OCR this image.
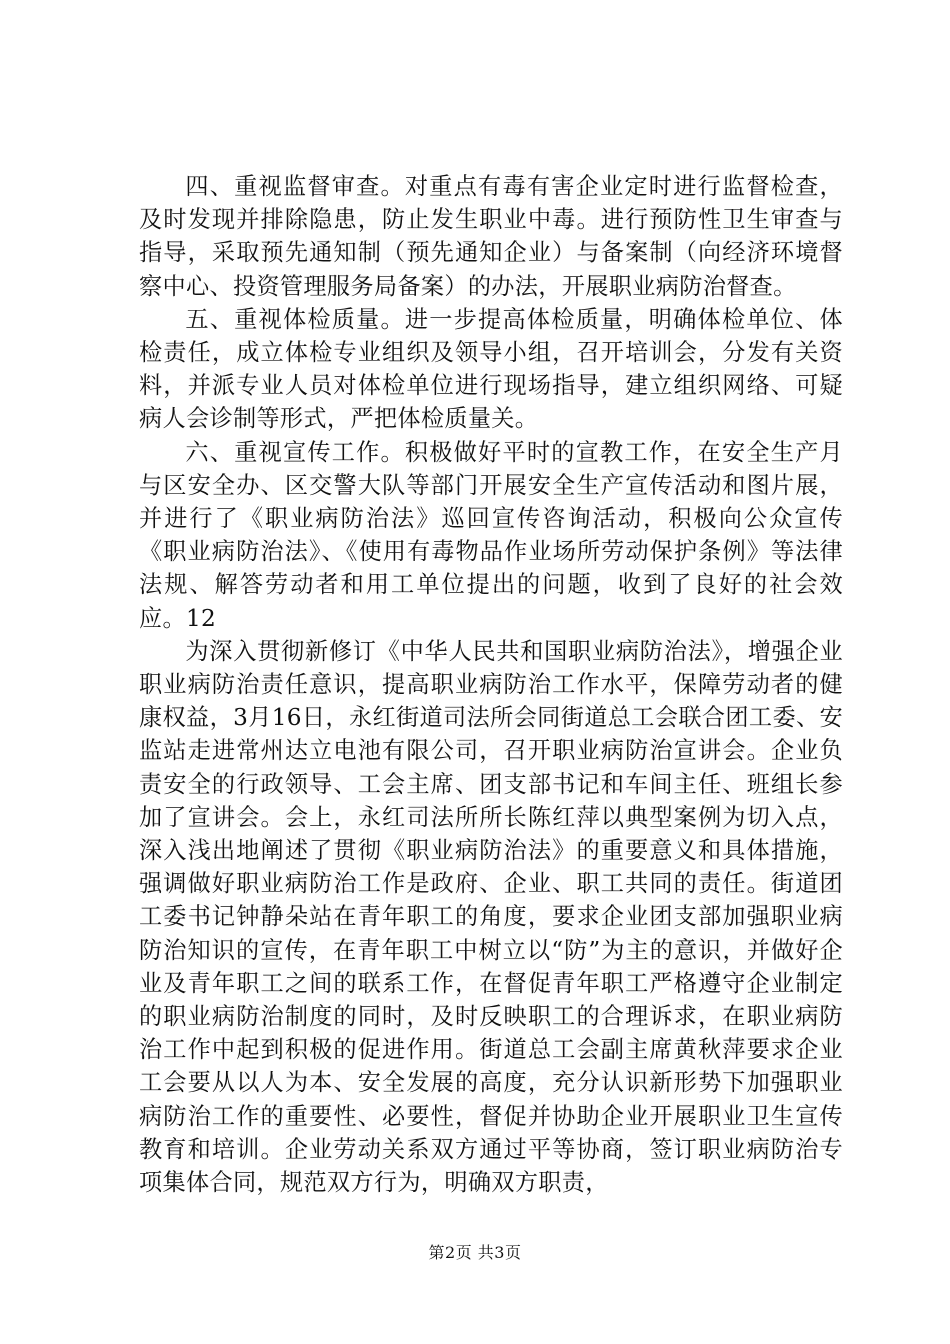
四、重视监督审查。对重点有毒有害企业定时进行监督检查，及时发现并排除隐患，防止发生职业中毒。进行预防性卫生审查与指导，采取预先通知制（预先通知企业）与备案制（向经济环境督察中心、投资管理服务局备案）的办法，开展职业病防治督查。

五、重视体检质量。进一步提高体检质量，明确体检单位、体检责任，成立体检专业组织及领导小组，召开培训会，分发有关资料，并派专业人员对体检单位进行现场指导，建立组织网络、可疑病人会诊制等形式，严把体检质量关。

六、重视宣传工作。积极做好平时的宣教工作，在安全生产月与区安全办、区交警大队等部门开展安全生产宣传活动和图片展，并进行了《职业病防治法》巡回宣传咨询活动，积极向公众宣传《职业病防治法》、《使用有毒物品作业场所劳动保护条例》等法律法规、解答劳动者和用工单位提出的问题，收到了良好的社会效应。12

为深入贯彻新修订《中华人民共和国职业病防治法》，增强企业职业病防治责任意识，提高职业病防治工作水平，保障劳动者的健康权益，3月16日，永红街道司法所会同街道总工会联合团工委、安监站走进常州达立电池有限公司，召开职业病防治宣讲会。企业负责安全的行政领导、工会主席、团支部书记和车间主任、班组长参加了宣讲会。会上，永红司法所所长陈红萍以典型案例为切入点，深入浅出地阐述了贯彻《职业病防治法》的重要意义和具体措施，强调做好职业病防治工作是政府、企业、职工共同的责任。街道团工委书记钟静朵站在青年职工的角度，要求企业团支部加强职业病防治知识的宣传，在青年职工中树立以“防”为主的意识，并做好企业及青年职工之间的联系工作，在督促青年职工严格遵守企业制定的职业病防治制度的同时，及时反映职工的合理诉求，在职业病防治工作中起到积极的促进作用。街道总工会副主席黄秋萍要求企业工会要从以人为本、安全发展的高度，充分认识新形势下加强职业病防治工作的重要性、必要性，督促并协助企业开展职业卫生宣传教育和培训。企业劳动关系双方通过平等协商，签订职业病防治专项集体合同，规范双方行为，明确双方职责，

第2页 共3页
